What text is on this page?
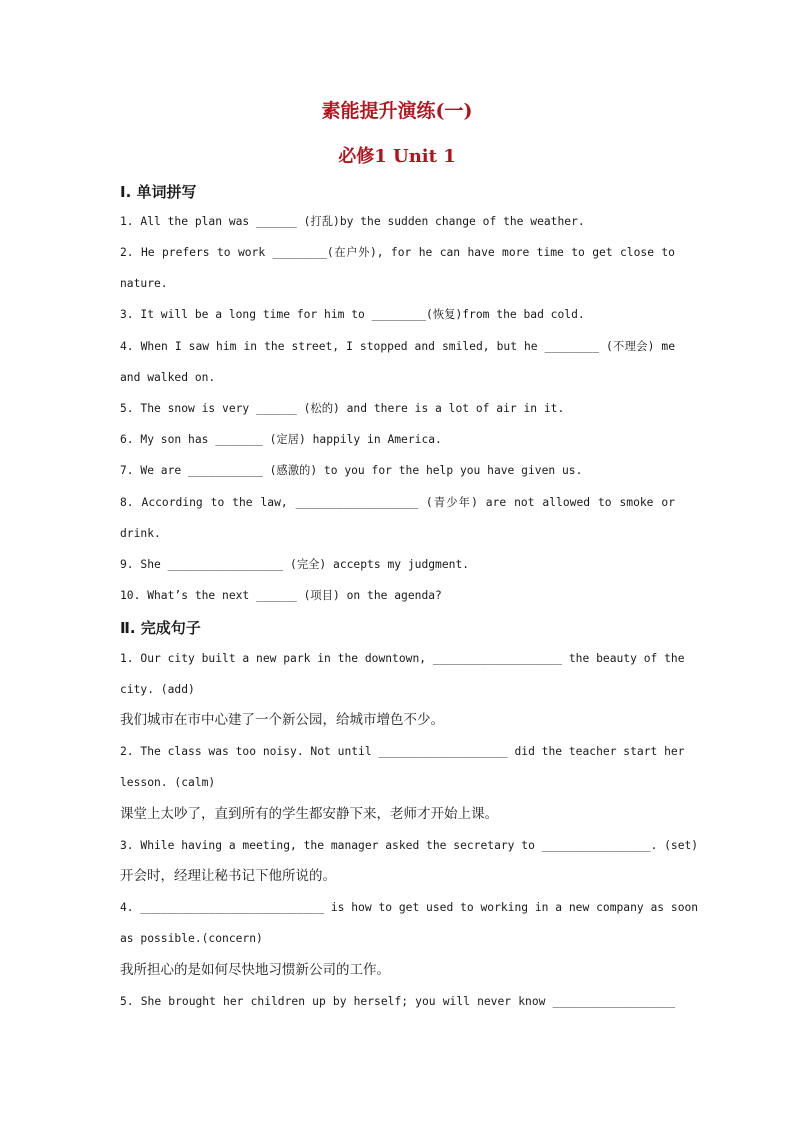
素能提升演练(一)
必修1 Unit 1
Ⅰ. 单词拼写
1. All the plan was ______ (打乱)by the sudden change of the weather.
2. He prefers to work ________(在户外), for he can have more time to get close to
nature.
3. It will be a long time for him to ________(恢复)from the bad cold.
4. When I saw him in the street, I stopped and smiled, but he ________ (不理会) me
and walked on.
5. The snow is very ______ (松的) and there is a lot of air in it.
6. My son has _______ (定居) happily in America.
7. We are ___________ (感激的) to you for the help you have given us.
8. According to the law, __________________ (青少年) are not allowed to smoke or
drink.
9. She _________________ (完全) accepts my judgment.
10. What’s the next ______ (项目) on the agenda?
Ⅱ. 完成句子
1. Our city built a new park in the downtown, ___________________ the beauty of the
city. (add)
我们城市在市中心建了一个新公园，给城市增色不少。
2. The class was too noisy. Not until ___________________ did the teacher start her
lesson. (calm)
课堂上太吵了，直到所有的学生都安静下来，老师才开始上课。
3. While having a meeting, the manager asked the secretary to ________________. (set)
开会时，经理让秘书记下他所说的。
4. ___________________________ is how to get used to working in a new company as soon
as possible.(concern)
我所担心的是如何尽快地习惯新公司的工作。
5. She brought her children up by herself; you will never know __________________
